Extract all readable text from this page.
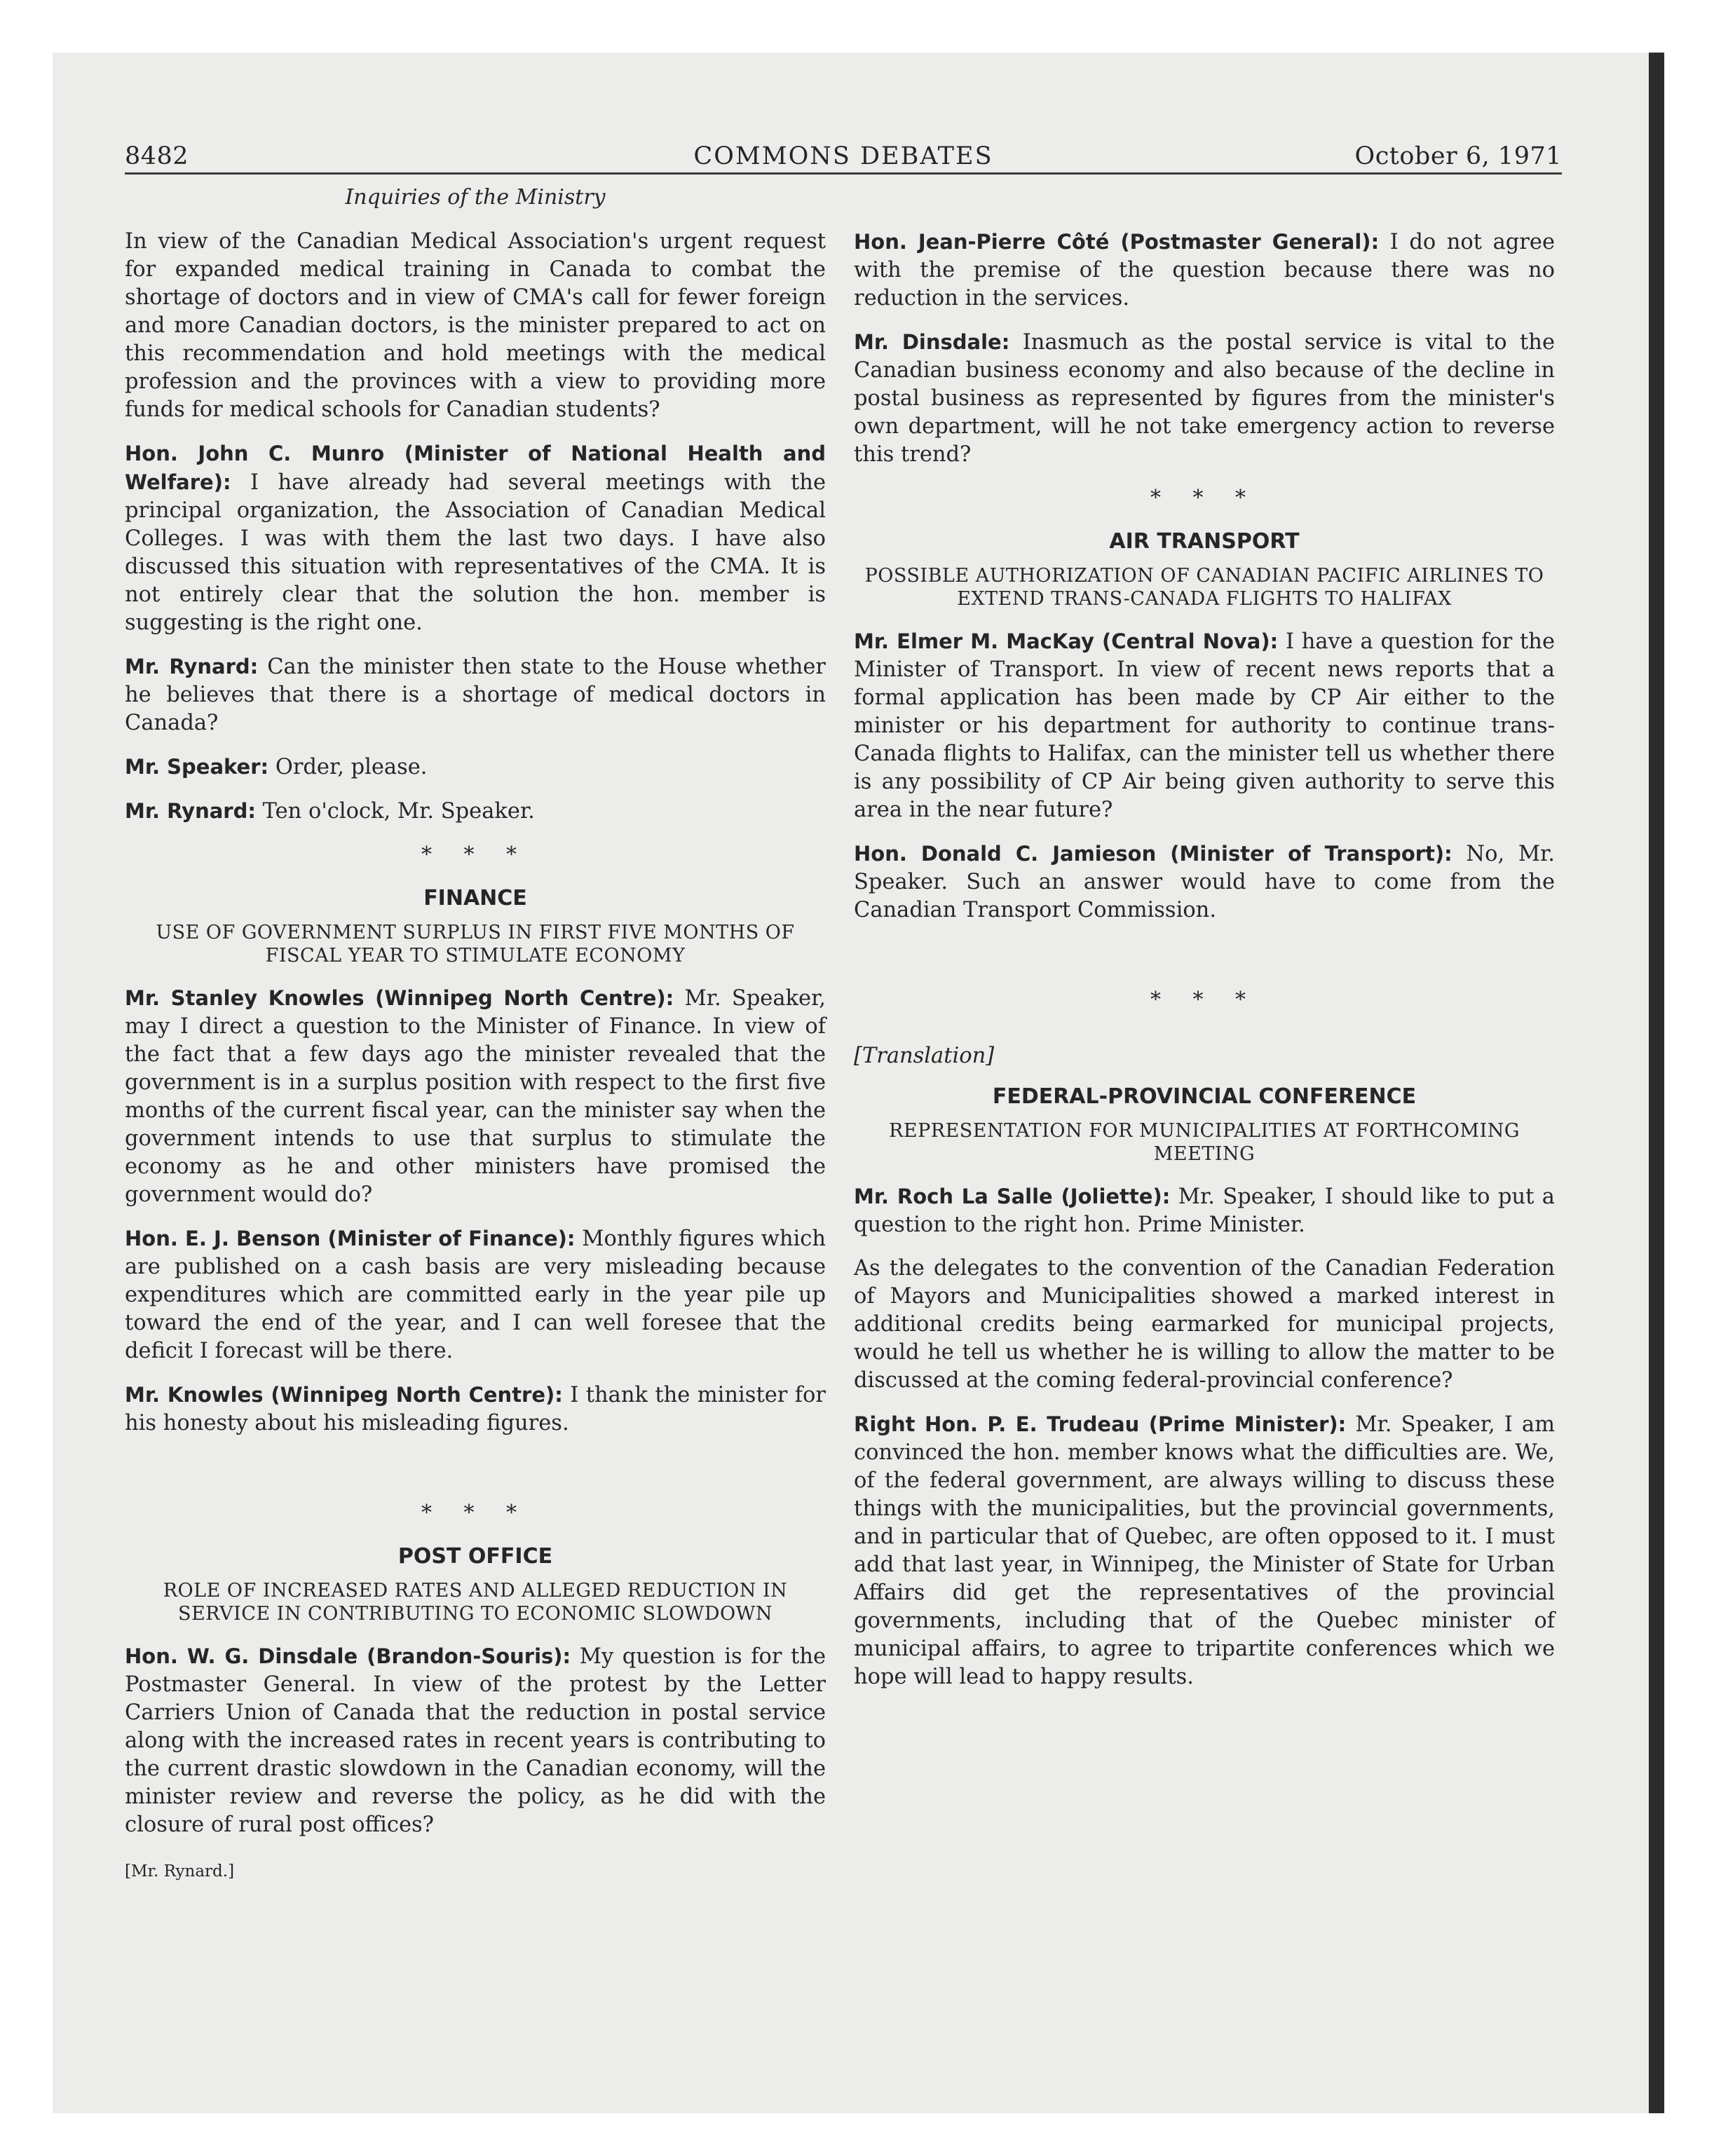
8482	COMMONS DEBATES	October 6, 1971
Inquiries of the Ministry

In view of the Canadian Medical Association's urgent request for expanded medical training in Canada to combat the shortage of doctors and in view of CMA's call for fewer foreign and more Canadian doctors, is the minister prepared to act on this recommendation and hold meetings with the medical profession and the provinces with a view to providing more funds for medical schools for Canadian students?

Hon. John C. Munro (Minister of National Health and Welfare): I have already had several meetings with the principal organization, the Association of Canadian Medical Colleges. I was with them the last two days. I have also discussed this situation with representatives of the CMA. It is not entirely clear that the solution the hon. member is suggesting is the right one.

Mr. Rynard: Can the minister then state to the House whether he believes that there is a shortage of medical doctors in Canada?

Mr. Speaker: Order, please.

Mr. Rynard: Ten o'clock, Mr. Speaker.

* * *
FINANCE
USE OF GOVERNMENT SURPLUS IN FIRST FIVE MONTHS OF FISCAL YEAR TO STIMULATE ECONOMY

Mr. Stanley Knowles (Winnipeg North Centre): Mr. Speaker, may I direct a question to the Minister of Finance. In view of the fact that a few days ago the minister revealed that the government is in a surplus position with respect to the first five months of the current fiscal year, can the minister say when the government intends to use that surplus to stimulate the economy as he and other ministers have promised the government would do?

Hon. E. J. Benson (Minister of Finance): Monthly figures which are published on a cash basis are very misleading because expenditures which are committed early in the year pile up toward the end of the year, and I can well foresee that the deficit I forecast will be there.

Mr. Knowles (Winnipeg North Centre): I thank the minister for his honesty about his misleading figures.

* * *
POST OFFICE
ROLE OF INCREASED RATES AND ALLEGED REDUCTION IN SERVICE IN CONTRIBUTING TO ECONOMIC SLOWDOWN

Hon. W. G. Dinsdale (Brandon-Souris): My question is for the Postmaster General. In view of the protest by the Letter Carriers Union of Canada that the reduction in postal service along with the increased rates in recent years is contributing to the current drastic slowdown in the Canadian economy, will the minister review and reverse the policy, as he did with the closure of rural post offices?

[Mr. Rynard.]

Hon. Jean-Pierre Côté (Postmaster General): I do not agree with the premise of the question because there was no reduction in the services.

Mr. Dinsdale: Inasmuch as the postal service is vital to the Canadian business economy and also because of the decline in postal business as represented by figures from the minister's own department, will he not take emergency action to reverse this trend?

* * *
AIR TRANSPORT
POSSIBLE AUTHORIZATION OF CANADIAN PACIFIC AIRLINES TO EXTEND TRANS-CANADA FLIGHTS TO HALIFAX

Mr. Elmer M. MacKay (Central Nova): I have a question for the Minister of Transport. In view of recent news reports that a formal application has been made by CP Air either to the minister or his department for authority to continue trans-Canada flights to Halifax, can the minister tell us whether there is any possibility of CP Air being given authority to serve this area in the near future?

Hon. Donald C. Jamieson (Minister of Transport): No, Mr. Speaker. Such an answer would have to come from the Canadian Transport Commission.

* * *
[Translation]
FEDERAL-PROVINCIAL CONFERENCE
REPRESENTATION FOR MUNICIPALITIES AT FORTHCOMING MEETING

Mr. Roch La Salle (Joliette): Mr. Speaker, I should like to put a question to the right hon. Prime Minister.

As the delegates to the convention of the Canadian Federation of Mayors and Municipalities showed a marked interest in additional credits being earmarked for municipal projects, would he tell us whether he is willing to allow the matter to be discussed at the coming federal-provincial conference?

Right Hon. P. E. Trudeau (Prime Minister): Mr. Speaker, I am convinced the hon. member knows what the difficulties are. We, of the federal government, are always willing to discuss these things with the municipalities, but the provincial governments, and in particular that of Quebec, are often opposed to it. I must add that last year, in Winnipeg, the Minister of State for Urban Affairs did get the representatives of the provincial governments, including that of the Quebec minister of municipal affairs, to agree to tripartite conferences which we hope will lead to happy results.
